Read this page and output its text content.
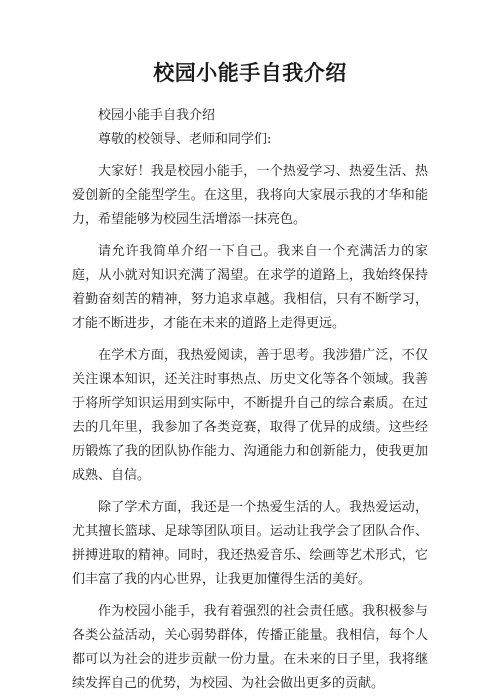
校园小能手自我介绍

校园小能手自我介绍

尊敬的校领导、老师和同学们:

大家好！我是校园小能手，一个热爱学习、热爱生活、热爱创新的全能型学生。在这里，我将向大家展示我的才华和能力，希望能够为校园生活增添一抹亮色。

请允许我简单介绍一下自己。我来自一个充满活力的家庭，从小就对知识充满了渴望。在求学的道路上，我始终保持着勤奋刻苦的精神，努力追求卓越。我相信，只有不断学习，才能不断进步，才能在未来的道路上走得更远。

在学术方面，我热爱阅读，善于思考。我涉猎广泛，不仅关注课本知识，还关注时事热点、历史文化等各个领域。我善于将所学知识运用到实际中，不断提升自己的综合素质。在过去的几年里，我参加了各类竞赛，取得了优异的成绩。这些经历锻炼了我的团队协作能力、沟通能力和创新能力，使我更加成熟、自信。

除了学术方面，我还是一个热爱生活的人。我热爱运动，尤其擅长篮球、足球等团队项目。运动让我学会了团队合作、拼搏进取的精神。同时，我还热爱音乐、绘画等艺术形式，它们丰富了我的内心世界，让我更加懂得生活的美好。

作为校园小能手，我有着强烈的社会责任感。我积极参与各类公益活动，关心弱势群体，传播正能量。我相信，每个人都可以为社会的进步贡献一份力量。在未来的日子里，我将继续发挥自己的优势，为校园、为社会做出更多的贡献。
